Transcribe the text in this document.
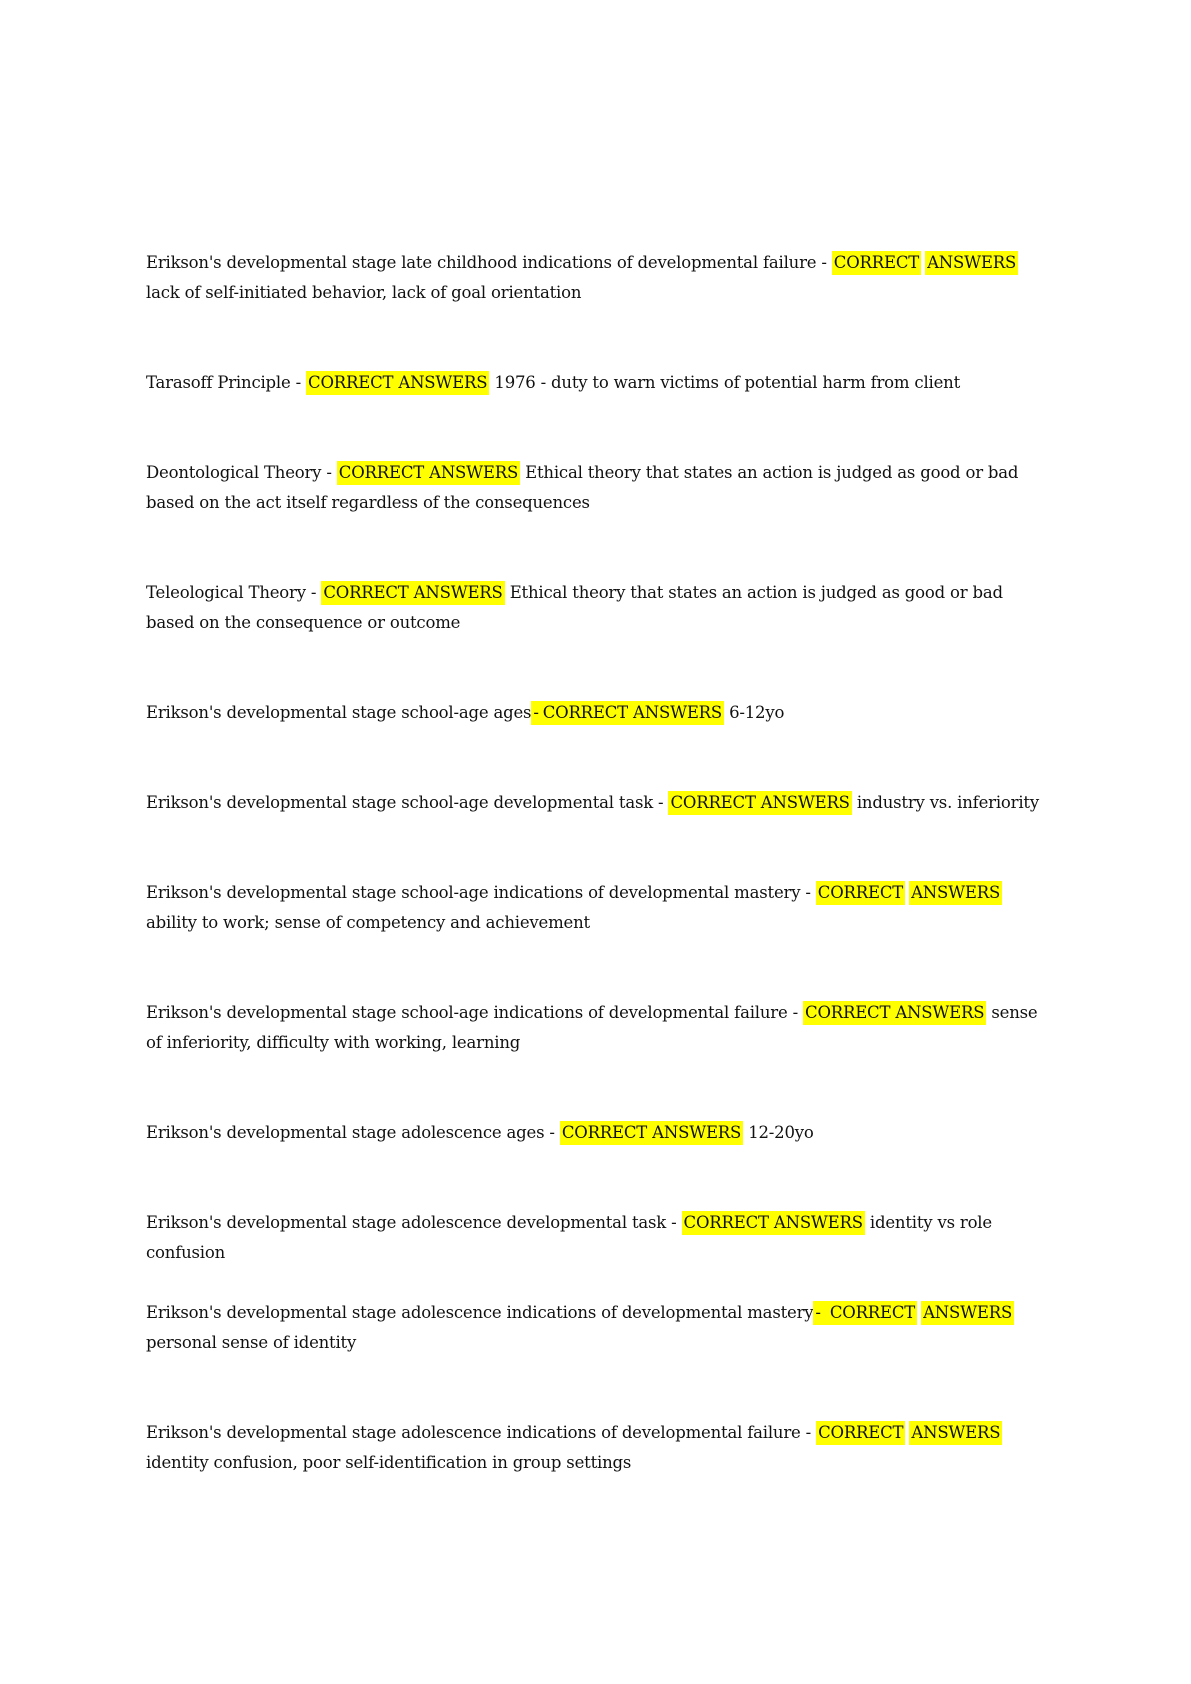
Erikson's developmental stage late childhood indications of developmental failure - CORRECT ANSWERS lack of self-initiated behavior, lack of goal orientation

Tarasoff Principle - CORRECT ANSWERS 1976 - duty to warn victims of potential harm from client

Deontological Theory - CORRECT ANSWERS Ethical theory that states an action is judged as good or bad based on the act itself regardless of the consequences

Teleological Theory - CORRECT ANSWERS Ethical theory that states an action is judged as good or bad based on the consequence or outcome

Erikson's developmental stage school-age ages - CORRECT ANSWERS 6-12yo

Erikson's developmental stage school-age developmental task - CORRECT ANSWERS industry vs. inferiority

Erikson's developmental stage school-age indications of developmental mastery - CORRECT ANSWERS ability to work; sense of competency and achievement

Erikson's developmental stage school-age indications of developmental failure - CORRECT ANSWERS sense of inferiority, difficulty with working, learning

Erikson's developmental stage adolescence ages - CORRECT ANSWERS 12-20yo

Erikson's developmental stage adolescence developmental task - CORRECT ANSWERS identity vs role confusion

Erikson's developmental stage adolescence indications of developmental mastery - CORRECT ANSWERS personal sense of identity

Erikson's developmental stage adolescence indications of developmental failure - CORRECT ANSWERS identity confusion, poor self-identification in group settings
